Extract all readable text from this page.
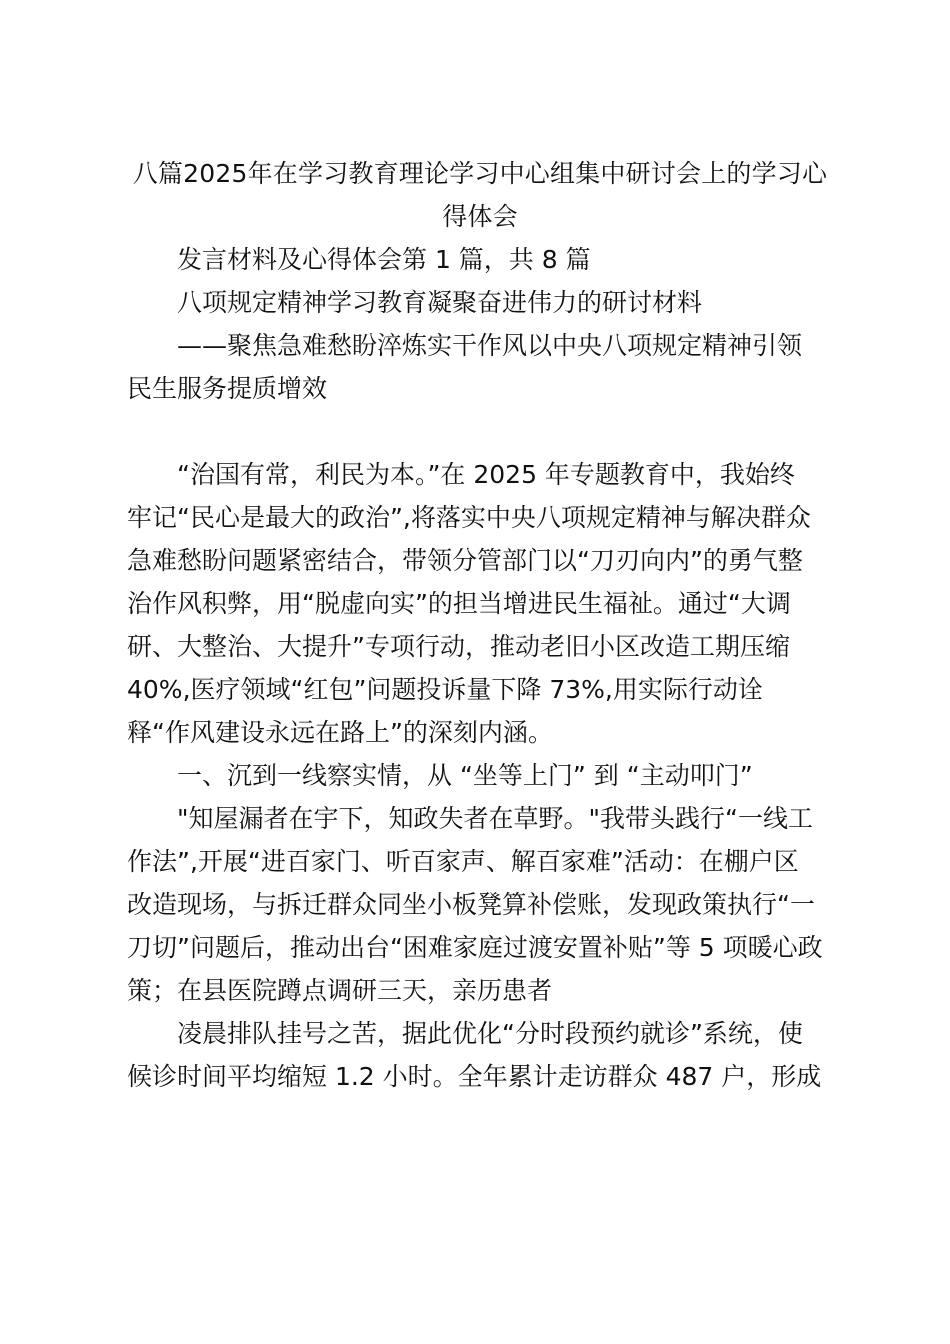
八篇2025年在学习教育理论学习中心组集中研讨会上的学习心

得体会

发言材料及心得体会第 1 篇，共 8 篇

八项规定精神学习教育凝聚奋进伟力的研讨材料

——聚焦急难愁盼淬炼实干作风以中央八项规定精神引领

民生服务提质增效

“治国有常，利民为本。”在 2025 年专题教育中，我始终

牢记“民心是最大的政治”,将落实中央八项规定精神与解决群众

急难愁盼问题紧密结合，带领分管部门以“刀刃向内”的勇气整

治作风积弊，用“脱虚向实”的担当增进民生福祉。通过“大调

研、大整治、大提升”专项行动，推动老旧小区改造工期压缩

40%,医疗领域“红包”问题投诉量下降 73%,用实际行动诠

释“作风建设永远在路上”的深刻内涵。

一、沉到一线察实情，从 “坐等上门” 到 “主动叩门”

"知屋漏者在宇下，知政失者在草野。"我带头践行“一线工

作法”,开展“进百家门、听百家声、解百家难”活动：在棚户区

改造现场，与拆迁群众同坐小板凳算补偿账，发现政策执行“一

刀切”问题后，推动出台“困难家庭过渡安置补贴”等 5 项暖心政

策；在县医院蹲点调研三天，亲历患者

凌晨排队挂号之苦，据此优化“分时段预约就诊”系统，使

候诊时间平均缩短 1.2 小时。全年累计走访群众 487 户，形成
